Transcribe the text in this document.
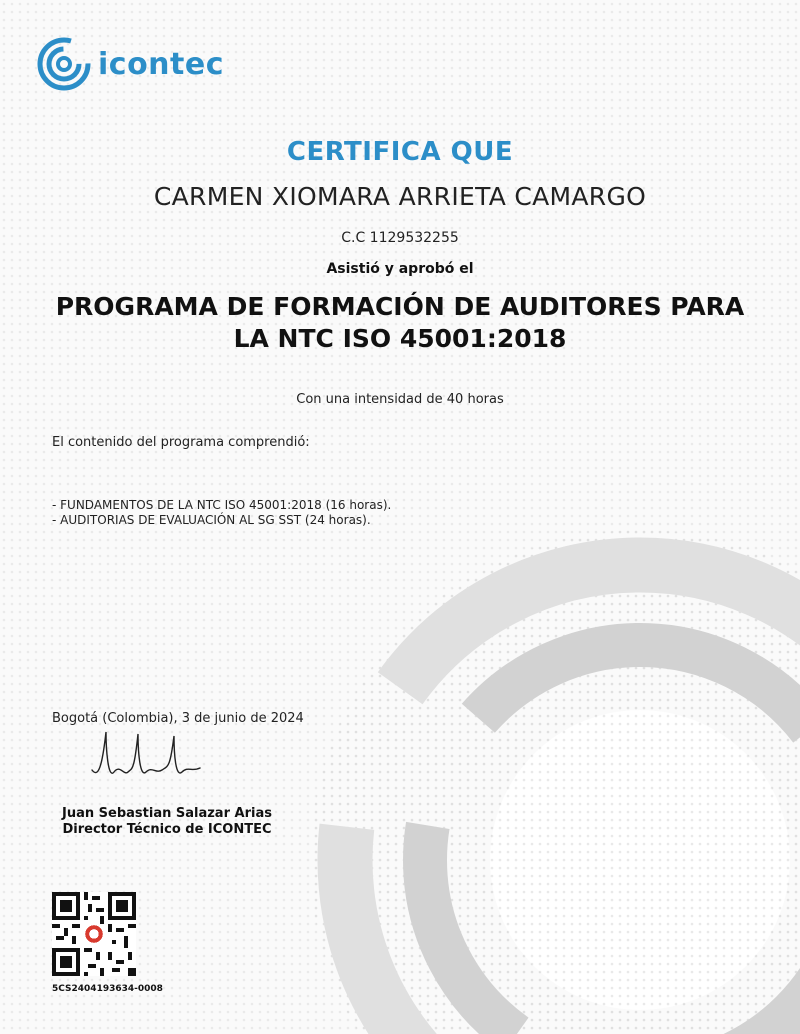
icontec
CERTIFICA QUE
CARMEN XIOMARA ARRIETA CAMARGO
C.C 1129532255
Asistió y aprobó el
PROGRAMA DE FORMACIÓN DE AUDITORES PARA
LA NTC ISO 45001:2018
Con una intensidad de 40 horas
El contenido del programa comprendió:
- FUNDAMENTOS DE LA NTC ISO 45001:2018 (16 horas).
- AUDITORIAS DE EVALUACIÓN AL SG SST (24 horas).
Bogotá (Colombia), 3 de junio de 2024
Juan Sebastian Salazar Arias
Director Técnico de ICONTEC
5CS2404193634-0008
